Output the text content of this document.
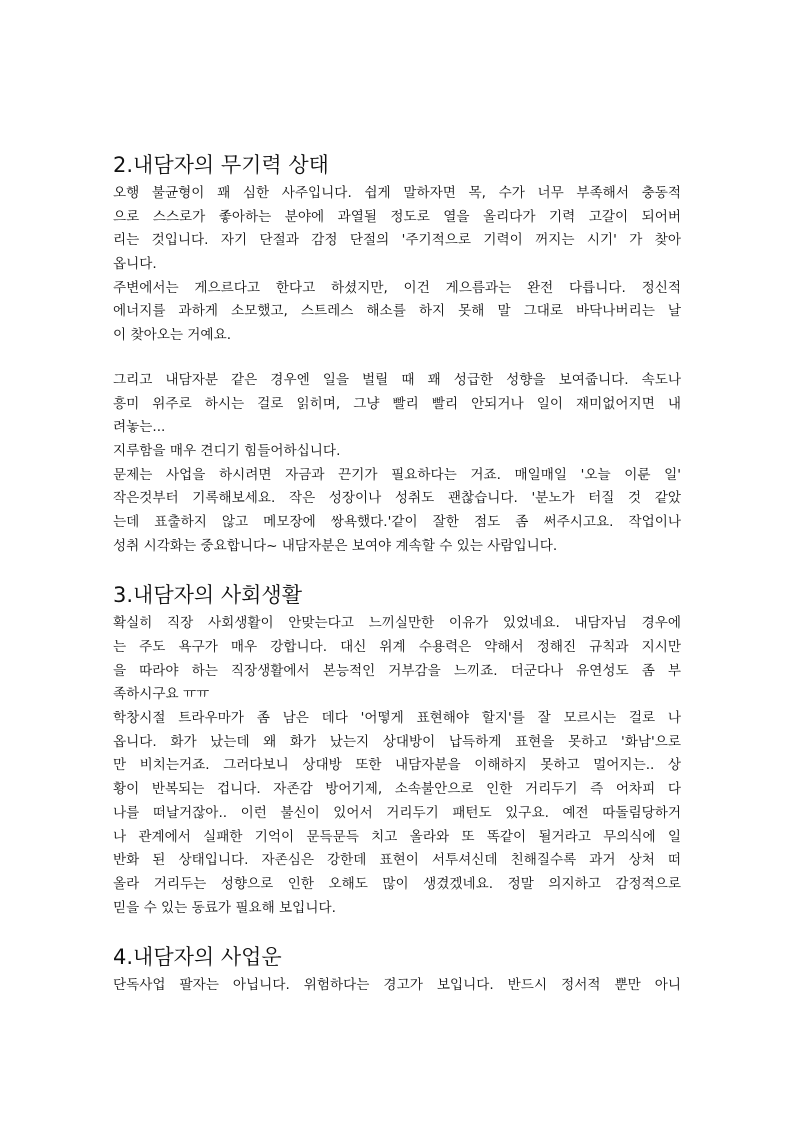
2.내담자의 무기력 상태
오행 불균형이 꽤 심한 사주입니다. 쉽게 말하자면 목, 수가 너무 부족해서 충동적
으로 스스로가 좋아하는 분야에 과열될 정도로 열을 올리다가 기력 고갈이 되어버
리는 것입니다. 자기 단절과 감정 단절의 '주기적으로 기력이 꺼지는 시기' 가 찾아
옵니다.
주변에서는 게으르다고 한다고 하셨지만, 이건 게으름과는 완전 다릅니다. 정신적
에너지를 과하게 소모했고, 스트레스 해소를 하지 못해 말 그대로 바닥나버리는 날
이 찾아오는 거예요.
그리고 내담자분 같은 경우엔 일을 벌릴 때 꽤 성급한 성향을 보여줍니다. 속도나
흥미 위주로 하시는 걸로 읽히며, 그냥 빨리 빨리 안되거나 일이 재미없어지면 내
려놓는...
지루함을 매우 견디기 힘들어하십니다.
문제는 사업을 하시려면 자금과 끈기가 필요하다는 거죠. 매일매일 '오늘 이룬 일'
작은것부터 기록해보세요. 작은 성장이나 성취도 괜찮습니다. '분노가 터질 것 같았
는데 표출하지 않고 메모장에 쌍욕했다.'같이 잘한 점도 좀 써주시고요. 작업이나
성취 시각화는 중요합니다~ 내담자분은 보여야 계속할 수 있는 사람입니다.
3.내담자의 사회생활
확실히 직장 사회생활이 안맞는다고 느끼실만한 이유가 있었네요. 내담자님 경우에
는 주도 욕구가 매우 강합니다. 대신 위계 수용력은 약해서 정해진 규칙과 지시만
을 따라야 하는 직장생활에서 본능적인 거부감을 느끼죠. 더군다나 유연성도 좀 부
족하시구요 ㅠㅠ
학창시절 트라우마가 좀 남은 데다 '어떻게 표현해야 할지'를 잘 모르시는 걸로 나
옵니다. 화가 났는데 왜 화가 났는지 상대방이 납득하게 표현을 못하고 '화남'으로
만 비치는거죠. 그러다보니 상대방 또한 내담자분을 이해하지 못하고 멀어지는.. 상
황이 반복되는 겁니다. 자존감 방어기제, 소속불안으로 인한 거리두기 즉 어차피 다
나를 떠날거잖아.. 이런 불신이 있어서 거리두기 패턴도 있구요. 예전 따돌림당하거
나 관계에서 실패한 기억이 문득문득 치고 올라와 또 똑같이 될거라고 무의식에 일
반화 된 상태입니다. 자존심은 강한데 표현이 서투셔신데 친해질수록 과거 상처 떠
올라 거리두는 성향으로 인한 오해도 많이 생겼겠네요. 정말 의지하고 감정적으로
믿을 수 있는 동료가 필요해 보입니다.
4.내담자의 사업운
단독사업 팔자는 아닙니다. 위험하다는 경고가 보입니다. 반드시 정서적 뿐만 아니
